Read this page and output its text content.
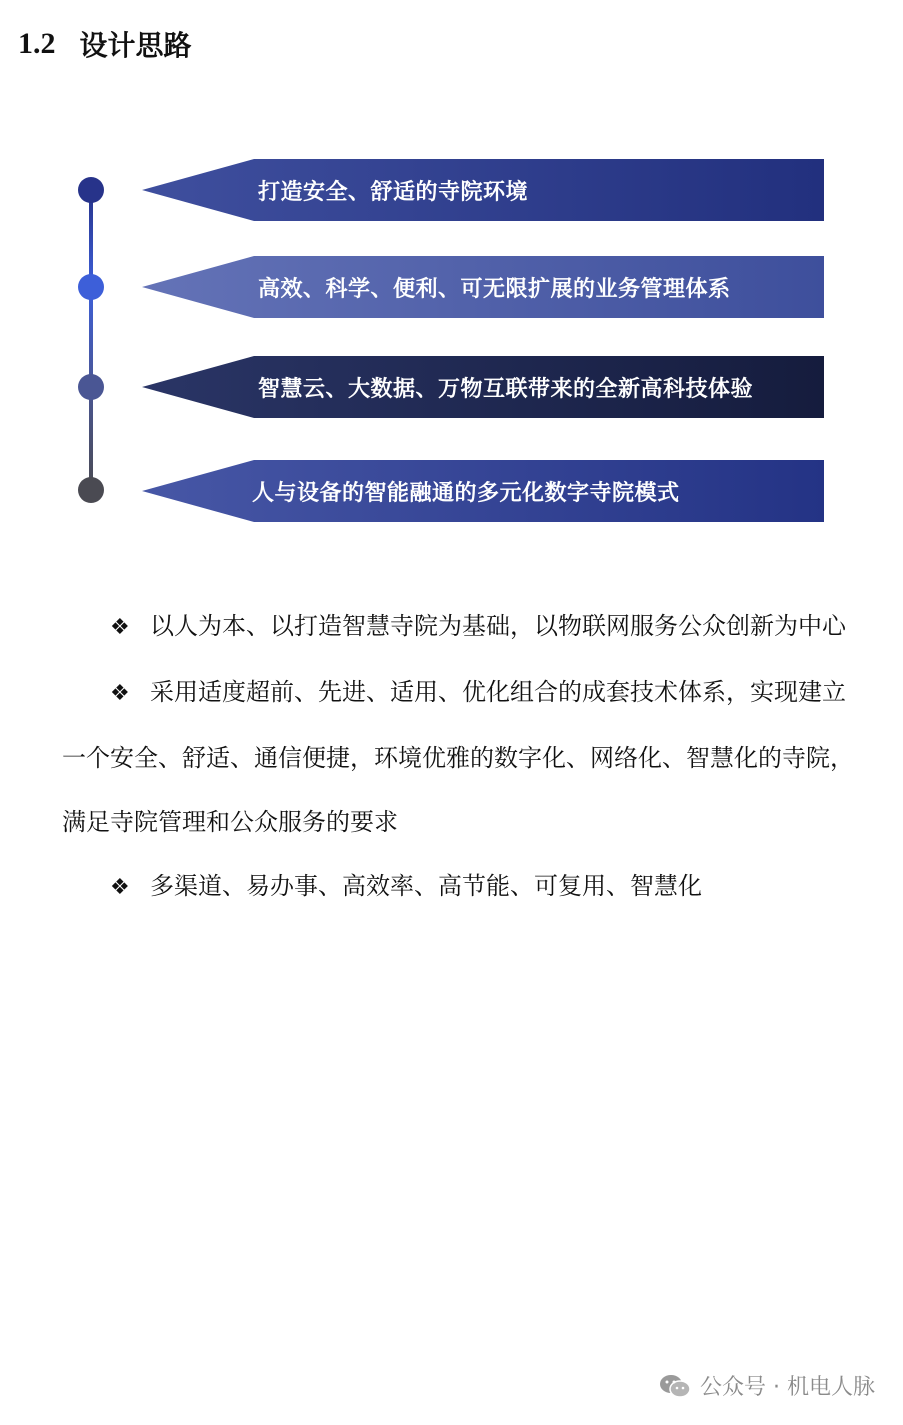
1.2 设计思路
打造安全、舒适的寺院环境
高效、科学、便利、可无限扩展的业务管理体系
智慧云、大数据、万物互联带来的全新高科技体验
人与设备的智能融通的多元化数字寺院模式

❖ 以人为本、以打造智慧寺院为基础，以物联网服务公众创新为中心

❖ 采用适度超前、先进、适用、优化组合的成套技术体系，实现建立

一个安全、舒适、通信便捷，环境优雅的数字化、网络化、智慧化的寺院，

满足寺院管理和公众服务的要求

❖ 多渠道、易办事、高效率、高节能、可复用、智慧化

公众号 · 机电人脉
